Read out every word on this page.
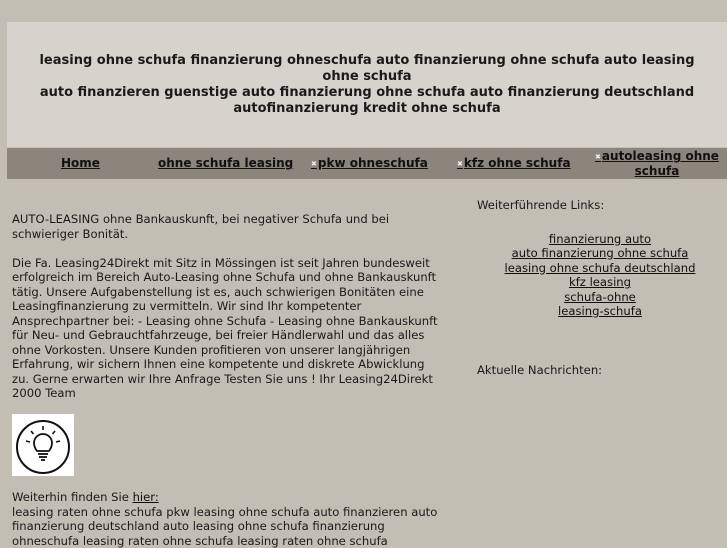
leasing ohne schufa finanzierung ohneschufa auto finanzierung ohne schufa auto leasing ohne schufa
auto finanzieren guenstige auto finanzierung ohne schufa auto finanzierung deutschland
autofinanzierung kredit ohne schufa
Home	ohne schufa leasing	✖pkw ohneschufa	✖kfz ohne schufa	✖autoleasing ohne schufa

AUTO-LEASING ohne Bankauskunft, bei negativer Schufa und bei schwieriger Bonität.

Die Fa. Leasing24Direkt mit Sitz in Mössingen ist seit Jahren bundesweit erfolgreich im Bereich Auto-Leasing ohne Schufa und ohne Bankauskunft tätig. Unsere Aufgabenstellung ist es, auch schwierigen Bonitäten eine Leasingfinanzierung zu vermitteln. Wir sind Ihr kompetenter Ansprechpartner bei: - Leasing ohne Schufa - Leasing ohne Bankauskunft für Neu- und Gebrauchtfahrzeuge, bei freier Händlerwahl und das alles ohne Vorkosten. Unsere Kunden profitieren von unserer langjährigen Erfahrung, wir sichern Ihnen eine kompetente und diskrete Abwicklung zu. Gerne erwarten wir Ihre Anfrage Testen Sie uns ! Ihr Leasing24Direkt 2000 Team

Weiterhin finden Sie hier:
leasing raten ohne schufa pkw leasing ohne schufa auto finanzieren auto finanzierung deutschland auto leasing ohne schufa finanzierung ohneschufa leasing raten ohne schufa leasing raten ohne schufa
Weiterführende Links:
finanzierung auto
auto finanzierung ohne schufa
leasing ohne schufa deutschland
kfz leasing
schufa-ohne
leasing-schufa
Aktuelle Nachrichten:
